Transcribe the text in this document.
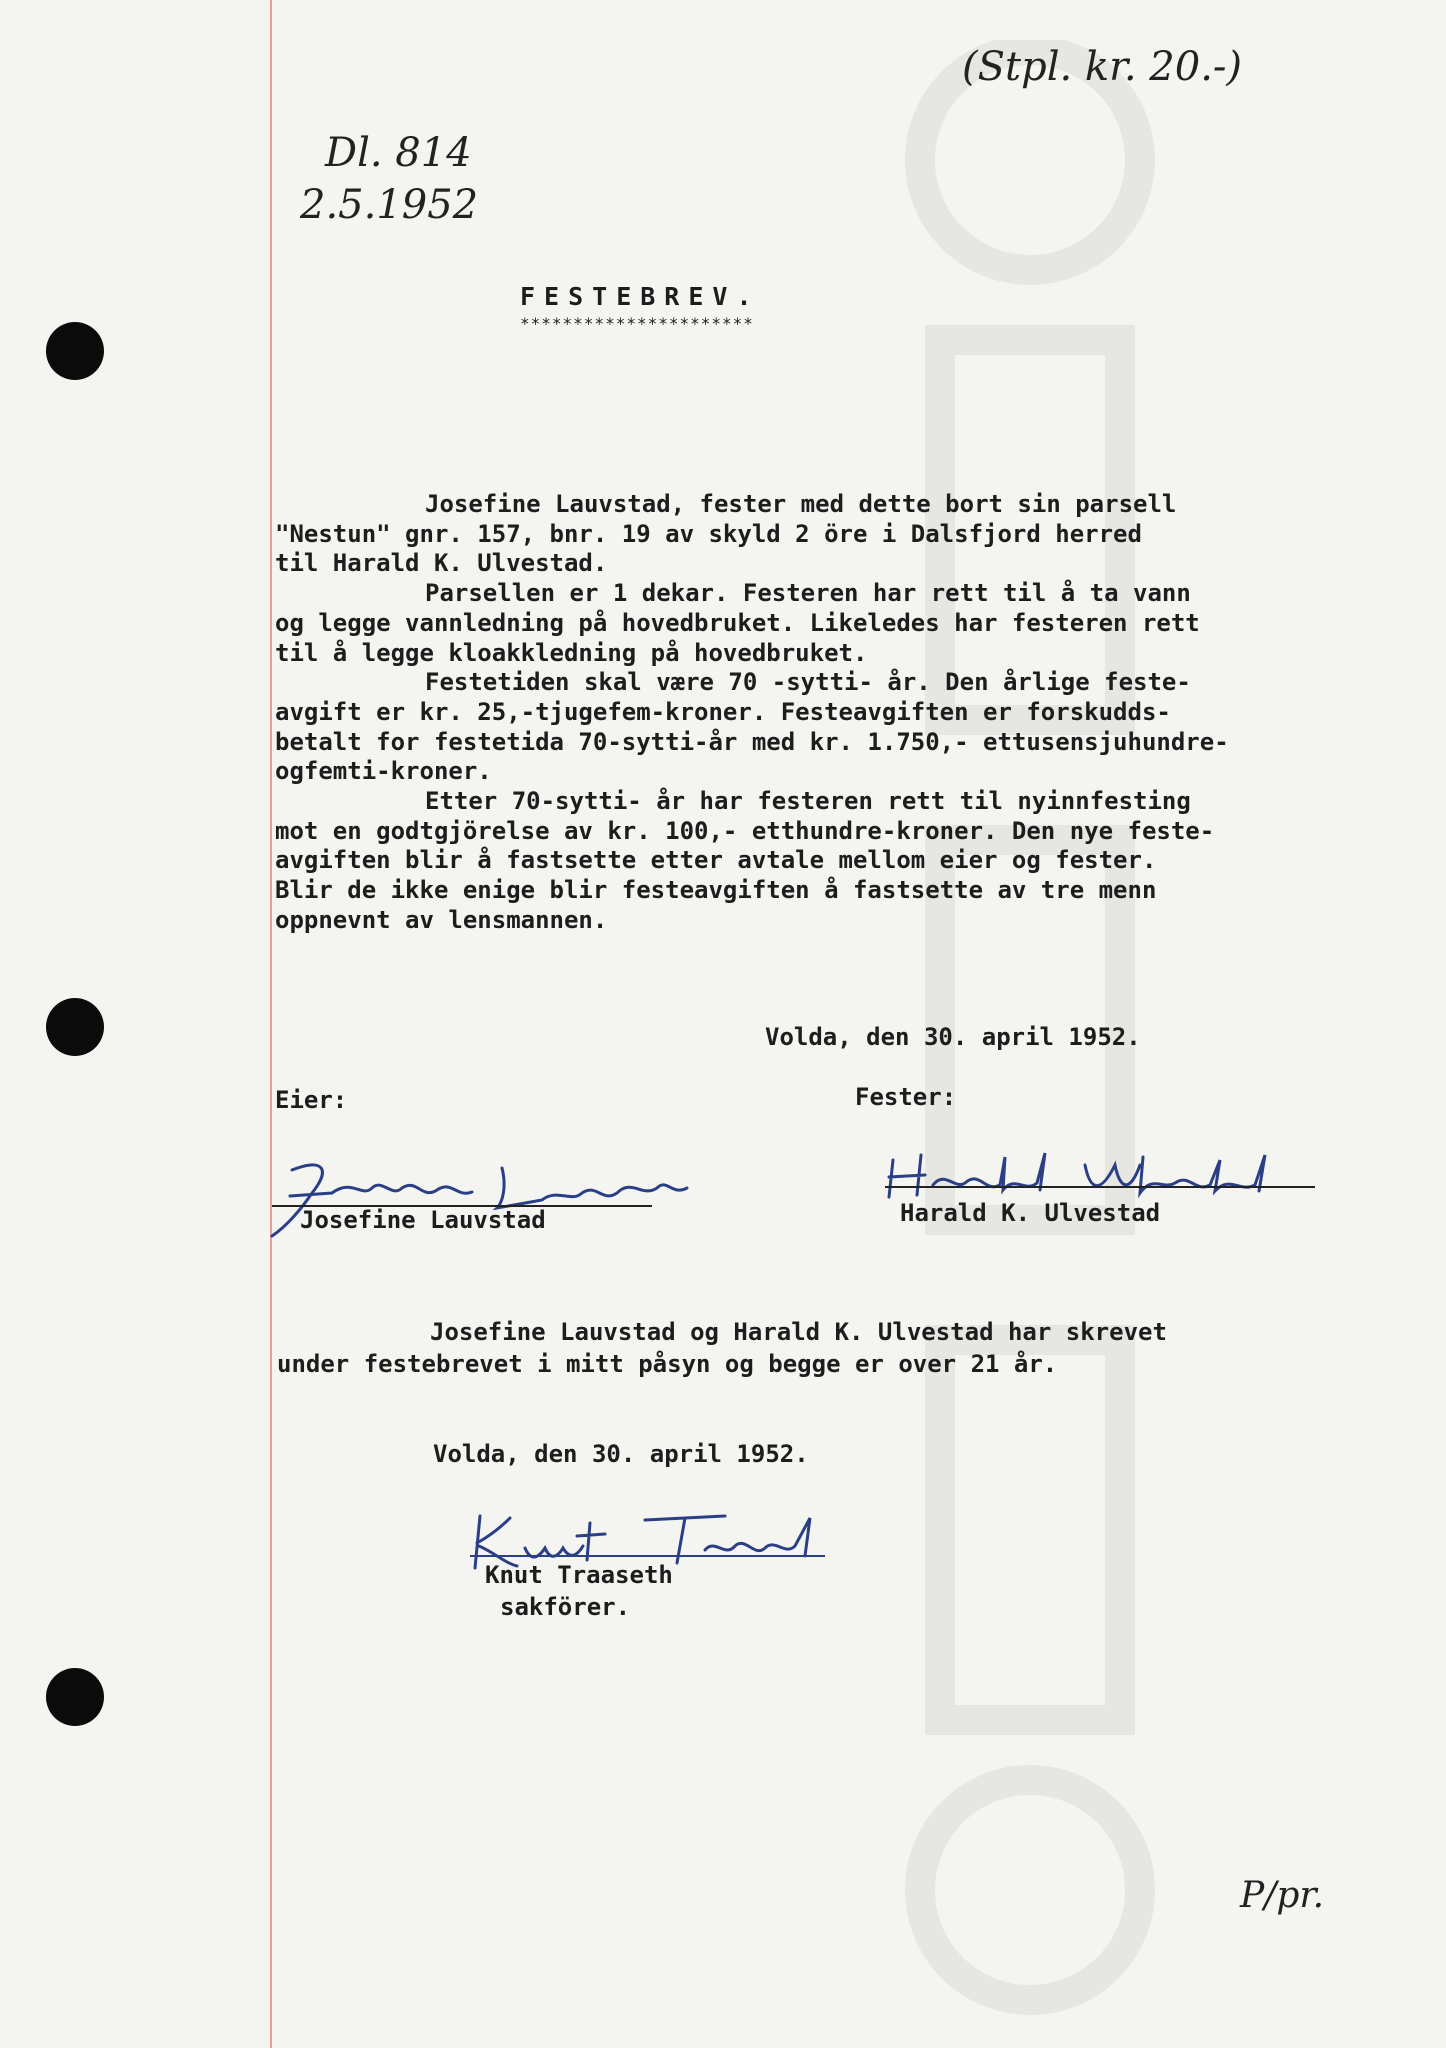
(Stpl. kr. 20.-)
Dl. 814
2.5.1952
FESTEBREV.
**********************
Josefine Lauvstad, fester med dette bort sin parsell
"Nestun" gnr. 157, bnr. 19 av skyld 2 öre i Dalsfjord herred
til Harald K. Ulvestad.
Parsellen er 1 dekar. Festeren har rett til å ta vann
og legge vannledning på hovedbruket. Likeledes har festeren rett
til å legge kloakkledning på hovedbruket.
Festetiden skal være 70 -sytti- år. Den årlige feste-
avgift er kr. 25,-tjugefem-kroner. Festeavgiften er forskudds-
betalt for festetida 70-sytti-år med kr. 1.750,- ettusensjuhundre-
ogfemti-kroner.
Etter 70-sytti- år har festeren rett til nyinnfesting
mot en godtgjörelse av kr. 100,- etthundre-kroner. Den nye feste-
avgiften blir å fastsette etter avtale mellom eier og fester.
Blir de ikke enige blir festeavgiften å fastsette av tre menn
oppnevnt av lensmannen.
Volda, den 30. april 1952.
Eier:	Fester:
Josefine Lauvstad	Harald K. Ulvestad
Josefine Lauvstad og Harald K. Ulvestad har skrevet
under festebrevet i mitt påsyn og begge er over 21 år.
Volda, den 30. april 1952.
Knut Traaseth
sakförer.
P/pr.
